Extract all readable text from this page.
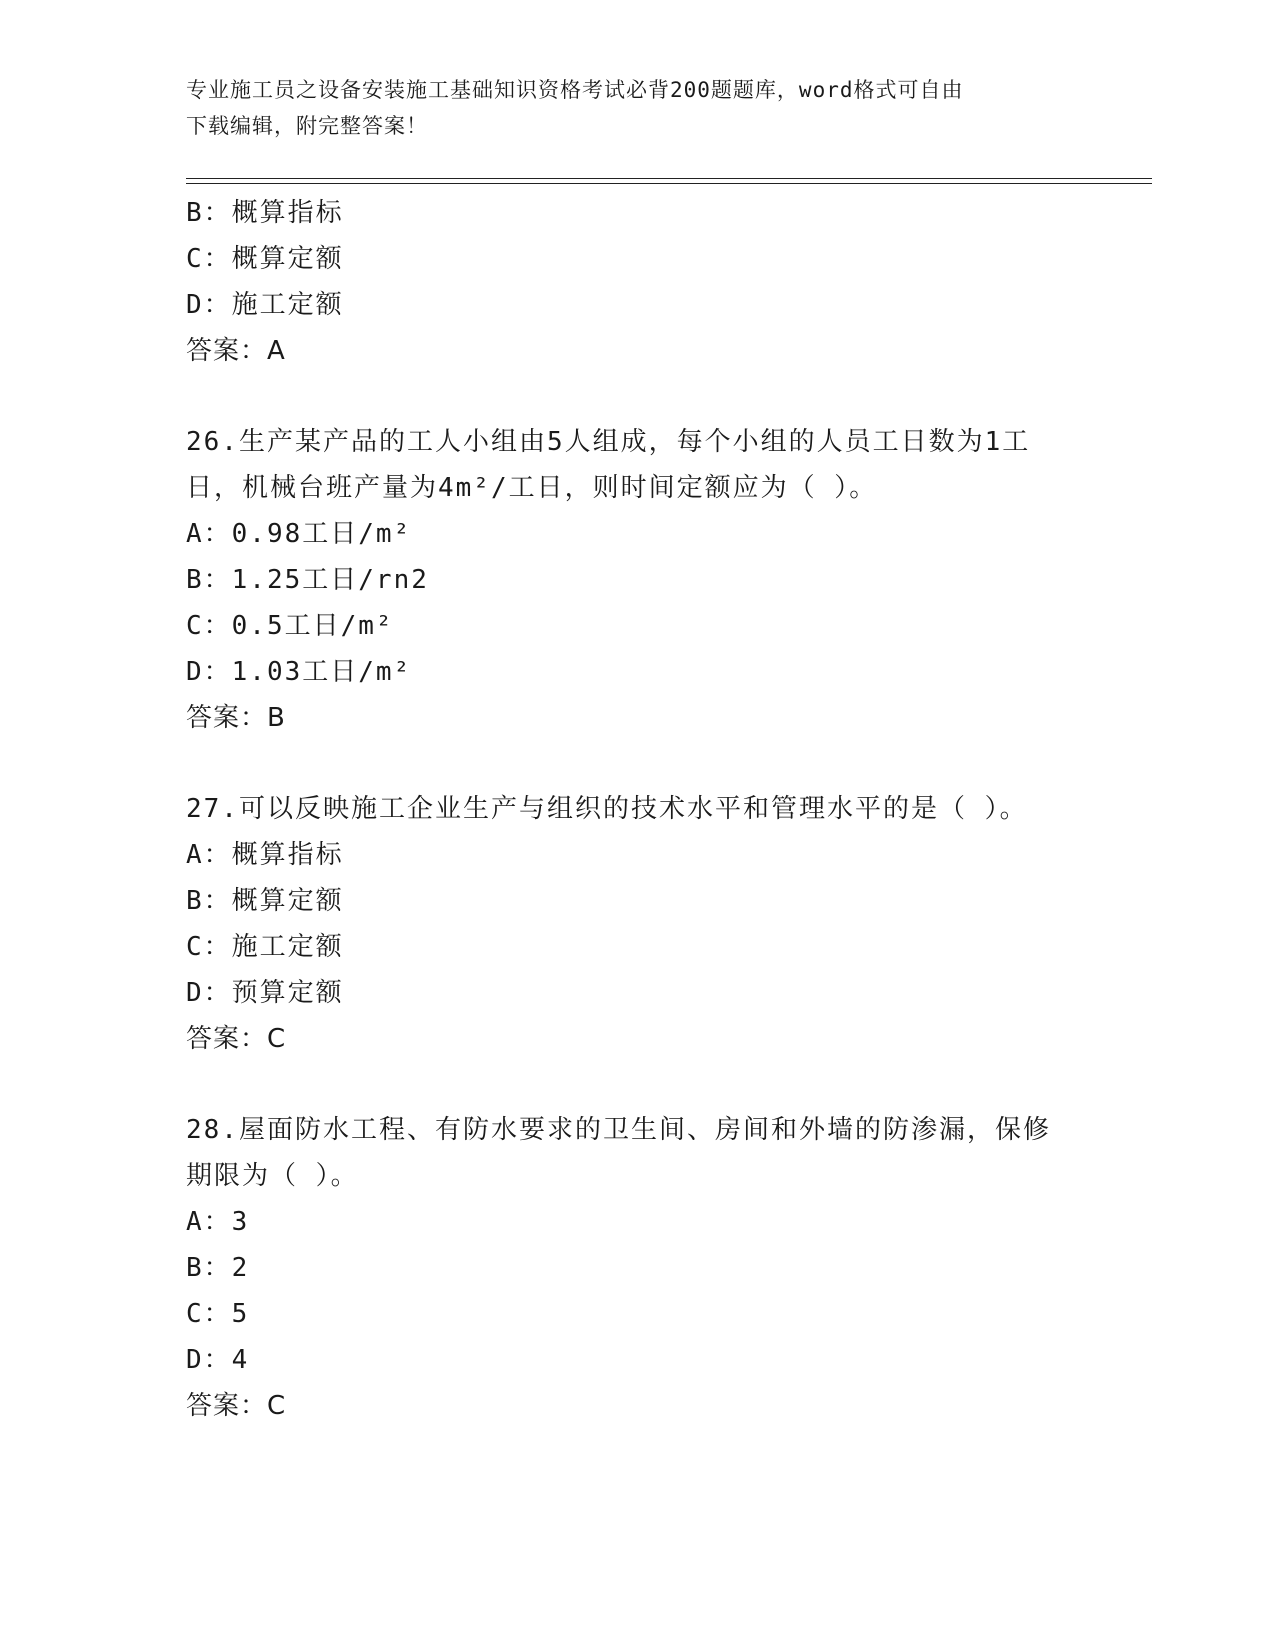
专业施工员之设备安装施工基础知识资格考试必背200题题库，word格式可自由
下载编辑，附完整答案！
B：概算指标
C：概算定额
D：施工定额
答案：A
26.生产某产品的工人小组由5人组成，每个小组的人员工日数为1工
日，机械台班产量为4m²/工日，则时间定额应为（ ）。
A：0.98工日/m²
B：1.25工日/rn2
C：0.5工日/m²
D：1.03工日/m²
答案：B
27.可以反映施工企业生产与组织的技术水平和管理水平的是（ ）。
A：概算指标
B：概算定额
C：施工定额
D：预算定额
答案：C
28.屋面防水工程、有防水要求的卫生间、房间和外墙的防渗漏，保修
期限为（ ）。
A：3
B：2
C：5
D：4
答案：C
